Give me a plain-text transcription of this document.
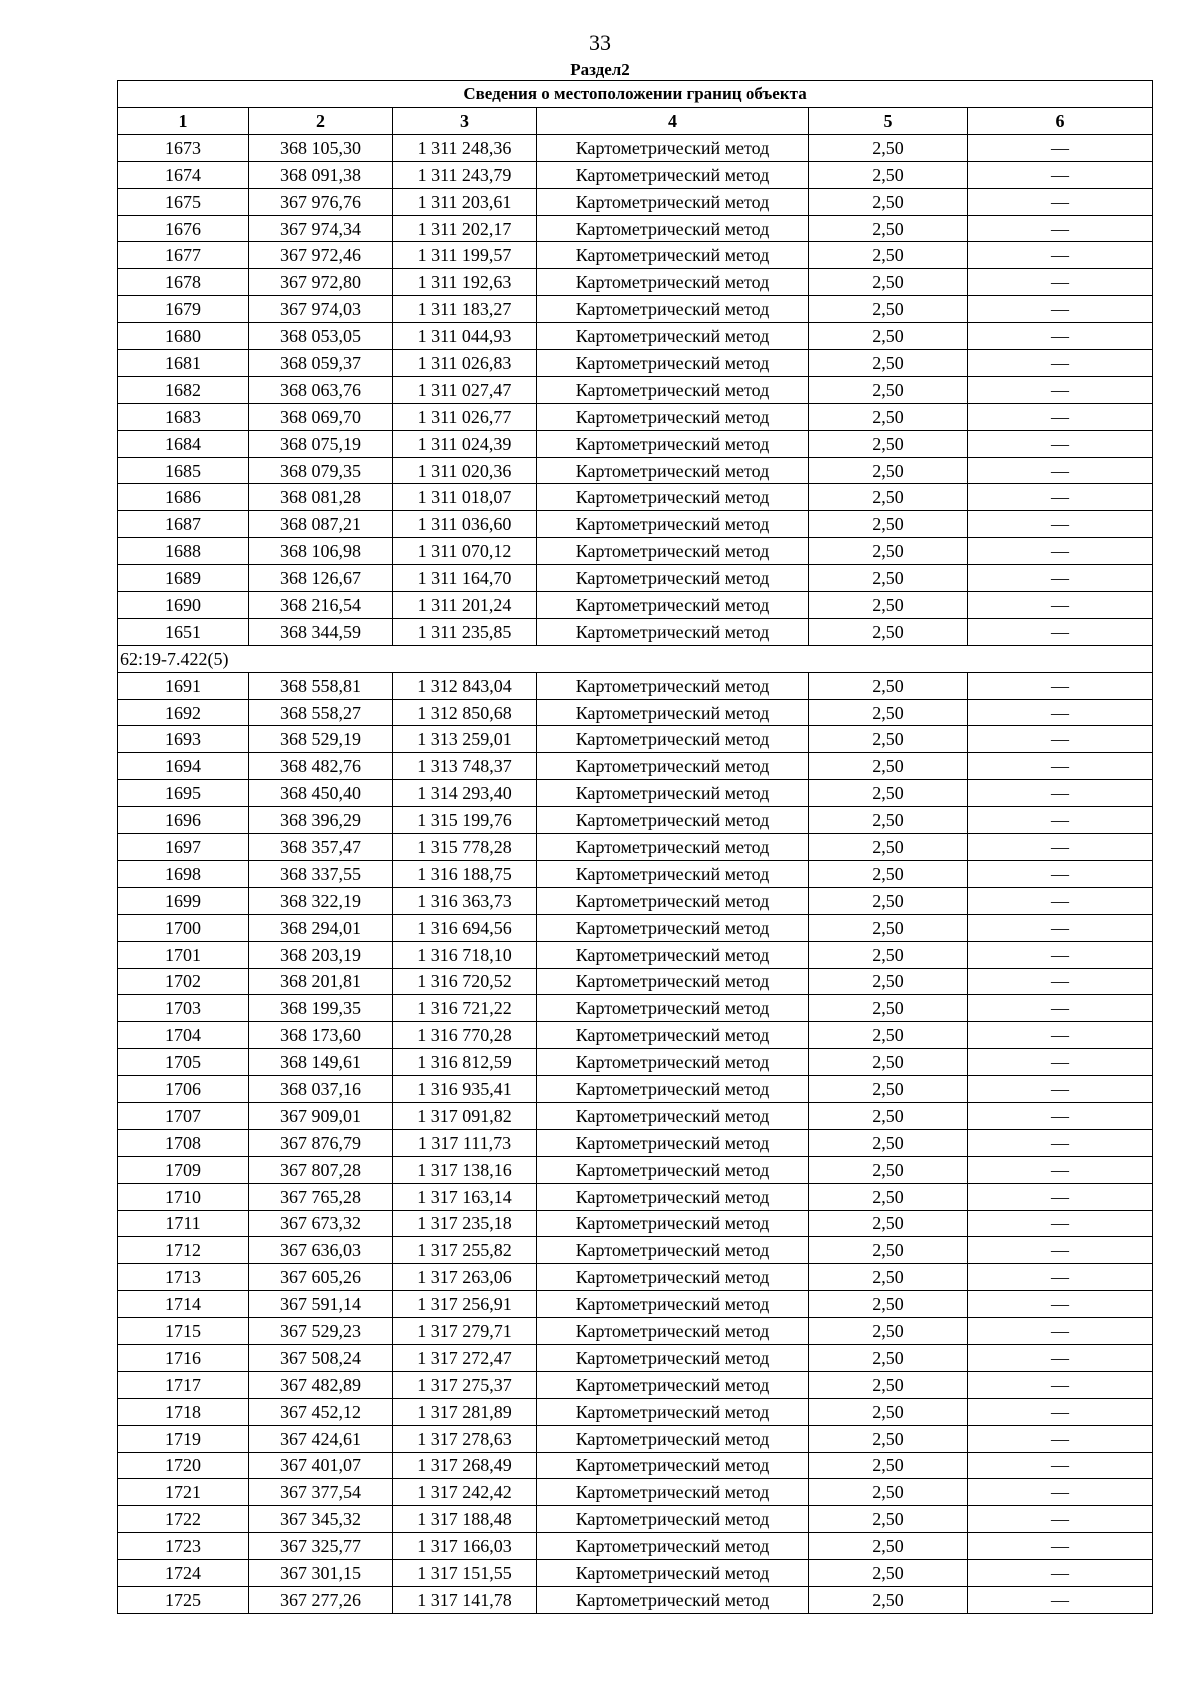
33
Раздел2
Сведения о местоположении границ объекта					
1	2	3	4	5	6
1673	368 105,30	1 311 248,36	Картометрический метод	2,50	—
1674	368 091,38	1 311 243,79	Картометрический метод	2,50	—
1675	367 976,76	1 311 203,61	Картометрический метод	2,50	—
1676	367 974,34	1 311 202,17	Картометрический метод	2,50	—
1677	367 972,46	1 311 199,57	Картометрический метод	2,50	—
1678	367 972,80	1 311 192,63	Картометрический метод	2,50	—
1679	367 974,03	1 311 183,27	Картометрический метод	2,50	—
1680	368 053,05	1 311 044,93	Картометрический метод	2,50	—
1681	368 059,37	1 311 026,83	Картометрический метод	2,50	—
1682	368 063,76	1 311 027,47	Картометрический метод	2,50	—
1683	368 069,70	1 311 026,77	Картометрический метод	2,50	—
1684	368 075,19	1 311 024,39	Картометрический метод	2,50	—
1685	368 079,35	1 311 020,36	Картометрический метод	2,50	—
1686	368 081,28	1 311 018,07	Картометрический метод	2,50	—
1687	368 087,21	1 311 036,60	Картометрический метод	2,50	—
1688	368 106,98	1 311 070,12	Картометрический метод	2,50	—
1689	368 126,67	1 311 164,70	Картометрический метод	2,50	—
1690	368 216,54	1 311 201,24	Картометрический метод	2,50	—
1651	368 344,59	1 311 235,85	Картометрический метод	2,50	—
62:19-7.422(5)					
1691	368 558,81	1 312 843,04	Картометрический метод	2,50	—
1692	368 558,27	1 312 850,68	Картометрический метод	2,50	—
1693	368 529,19	1 313 259,01	Картометрический метод	2,50	—
1694	368 482,76	1 313 748,37	Картометрический метод	2,50	—
1695	368 450,40	1 314 293,40	Картометрический метод	2,50	—
1696	368 396,29	1 315 199,76	Картометрический метод	2,50	—
1697	368 357,47	1 315 778,28	Картометрический метод	2,50	—
1698	368 337,55	1 316 188,75	Картометрический метод	2,50	—
1699	368 322,19	1 316 363,73	Картометрический метод	2,50	—
1700	368 294,01	1 316 694,56	Картометрический метод	2,50	—
1701	368 203,19	1 316 718,10	Картометрический метод	2,50	—
1702	368 201,81	1 316 720,52	Картометрический метод	2,50	—
1703	368 199,35	1 316 721,22	Картометрический метод	2,50	—
1704	368 173,60	1 316 770,28	Картометрический метод	2,50	—
1705	368 149,61	1 316 812,59	Картометрический метод	2,50	—
1706	368 037,16	1 316 935,41	Картометрический метод	2,50	—
1707	367 909,01	1 317 091,82	Картометрический метод	2,50	—
1708	367 876,79	1 317 111,73	Картометрический метод	2,50	—
1709	367 807,28	1 317 138,16	Картометрический метод	2,50	—
1710	367 765,28	1 317 163,14	Картометрический метод	2,50	—
1711	367 673,32	1 317 235,18	Картометрический метод	2,50	—
1712	367 636,03	1 317 255,82	Картометрический метод	2,50	—
1713	367 605,26	1 317 263,06	Картометрический метод	2,50	—
1714	367 591,14	1 317 256,91	Картометрический метод	2,50	—
1715	367 529,23	1 317 279,71	Картометрический метод	2,50	—
1716	367 508,24	1 317 272,47	Картометрический метод	2,50	—
1717	367 482,89	1 317 275,37	Картометрический метод	2,50	—
1718	367 452,12	1 317 281,89	Картометрический метод	2,50	—
1719	367 424,61	1 317 278,63	Картометрический метод	2,50	—
1720	367 401,07	1 317 268,49	Картометрический метод	2,50	—
1721	367 377,54	1 317 242,42	Картометрический метод	2,50	—
1722	367 345,32	1 317 188,48	Картометрический метод	2,50	—
1723	367 325,77	1 317 166,03	Картометрический метод	2,50	—
1724	367 301,15	1 317 151,55	Картометрический метод	2,50	—
1725	367 277,26	1 317 141,78	Картометрический метод	2,50	—
